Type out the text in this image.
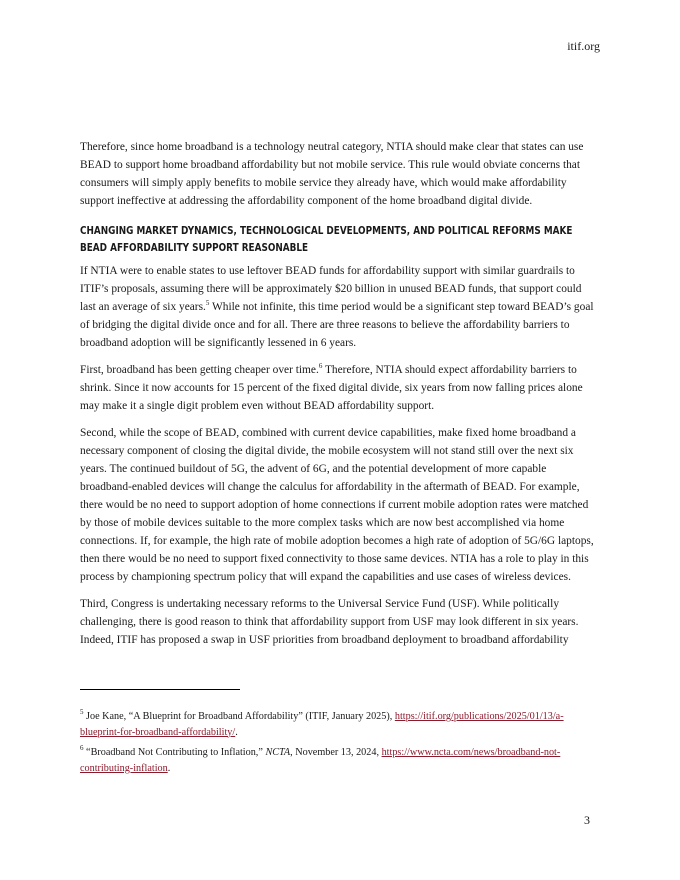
itif.org

Therefore, since home broadband is a technology neutral category, NTIA should make clear that states can use BEAD to support home broadband affordability but not mobile service. This rule would obviate concerns that consumers will simply apply benefits to mobile service they already have, which would make affordability support ineffective at addressing the affordability component of the home broadband digital divide.

CHANGING MARKET DYNAMICS, TECHNOLOGICAL DEVELOPMENTS, AND POLITICAL REFORMS MAKE BEAD AFFORDABILITY SUPPORT REASONABLE

If NTIA were to enable states to use leftover BEAD funds for affordability support with similar guardrails to ITIF’s proposals, assuming there will be approximately $20 billion in unused BEAD funds, that support could last an average of six years.$^5$ While not infinite, this time period would be a significant step toward BEAD’s goal of bridging the digital divide once and for all. There are three reasons to believe the affordability barriers to broadband adoption will be significantly lessened in 6 years.

First, broadband has been getting cheaper over time.$^6$ Therefore, NTIA should expect affordability barriers to shrink. Since it now accounts for 15 percent of the fixed digital divide, six years from now falling prices alone may make it a single digit problem even without BEAD affordability support.

Second, while the scope of BEAD, combined with current device capabilities, make fixed home broadband a necessary component of closing the digital divide, the mobile ecosystem will not stand still over the next six years. The continued buildout of 5G, the advent of 6G, and the potential development of more capable broadband-enabled devices will change the calculus for affordability in the aftermath of BEAD. For example, there would be no need to support adoption of home connections if current mobile adoption rates were matched by those of mobile devices suitable to the more complex tasks which are now best accomplished via home connections. If, for example, the high rate of mobile adoption becomes a high rate of adoption of 5G/6G laptops, then there would be no need to support fixed connectivity to those same devices. NTIA has a role to play in this process by championing spectrum policy that will expand the capabilities and use cases of wireless devices.

Third, Congress is undertaking necessary reforms to the Universal Service Fund (USF). While politically challenging, there is good reason to think that affordability support from USF may look different in six years. Indeed, ITIF has proposed a swap in USF priorities from broadband deployment to broadband affordability

$^5$ Joe Kane, “A Blueprint for Broadband Affordability” (ITIF, January 2025), https://itif.org/publications/2025/01/13/a-blueprint-for-broadband-affordability/.

$^6$ “Broadband Not Contributing to Inflation,” NCTA, November 13, 2024, https://www.ncta.com/news/broadband-not-contributing-inflation.

3
